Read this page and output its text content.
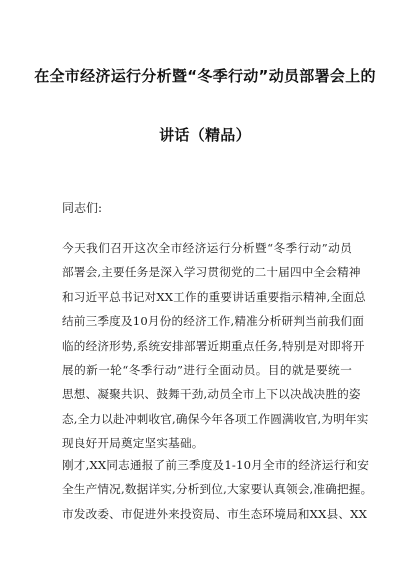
在全市经济运行分析暨“冬季行动”动员部署会上的
讲话（精品）
同志们:
今天我们召开这次全市经济运行分析暨“冬季行动”动员
部署会,主要任务是深入学习贯彻党的二十届四中全会精神
和习近平总书记对XX工作的重要讲话重要指示精神,全面总
结前三季度及10月份的经济工作,精准分析研判当前我们面
临的经济形势,系统安排部署近期重点任务,特别是对即将开
展的新一轮“冬季行动”进行全面动员。目的就是要统一
思想、凝聚共识、鼓舞干劲,动员全市上下以决战决胜的姿
态,全力以赴冲刺收官,确保今年各项工作圆满收官,为明年实
现良好开局奠定坚实基础。
刚才,XX同志通报了前三季度及1-10月全市的经济运行和安
全生产情况,数据详实,分析到位,大家要认真领会,准确把握。
市发改委、市促进外来投资局、市生态环境局和XX县、XX
